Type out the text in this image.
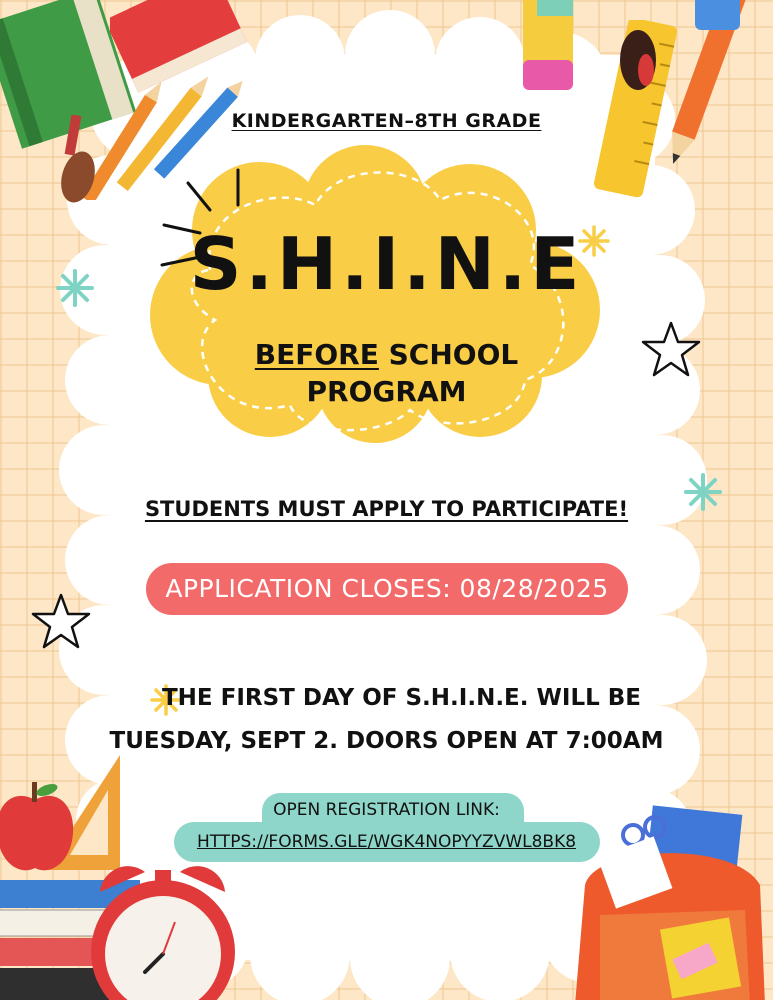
KINDERGARTEN–8TH GRADE
S.H.I.N.E
BEFORE SCHOOL
PROGRAM
STUDENTS MUST APPLY TO PARTICIPATE!
APPLICATION CLOSES: 08/28/2025
THE FIRST DAY OF S.H.I.N.E. WILL BE
TUESDAY, SEPT 2. DOORS OPEN AT 7:00AM
OPEN REGISTRATION LINK:
HTTPS://FORMS.GLE/WGK4NOPYYZVWL8BK8
